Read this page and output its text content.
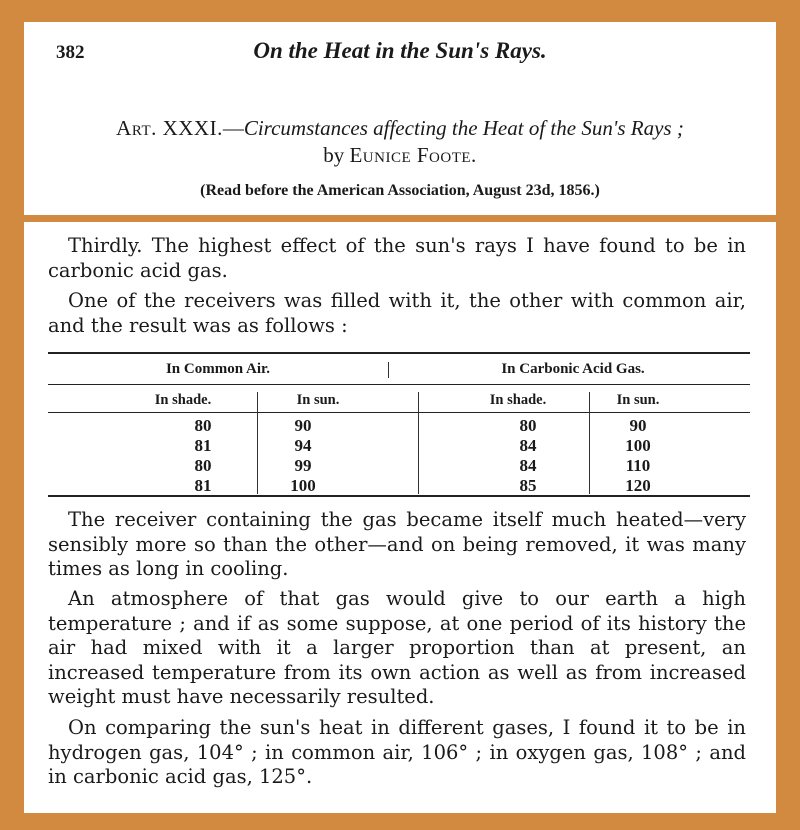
382	On the Heat in the Sun's Rays.
Art. XXXI.—Circumstances affecting the Heat of the Sun's Rays ;
by Eunice Foote.
(Read before the American Association, August 23d, 1856.)

Thirdly. The highest effect of the sun's rays I have found to be in carbonic acid gas.

One of the receivers was filled with it, the other with common air, and the result was as follows :

In Common Air.	In Carbonic Acid Gas.
In shade.	In sun.	In shade.	In sun.
80	90	80	90
81	94	84	100
80	99	84	110
81	100	85	120

The receiver containing the gas became itself much heated—very sensibly more so than the other—and on being removed, it was many times as long in cooling.

An atmosphere of that gas would give to our earth a high temperature ; and if as some suppose, at one period of its history the air had mixed with it a larger proportion than at present, an increased temperature from its own action as well as from increased weight must have necessarily resulted.

On comparing the sun's heat in different gases, I found it to be in hydrogen gas, 104° ; in common air, 106° ; in oxygen gas, 108° ; and in carbonic acid gas, 125°.
